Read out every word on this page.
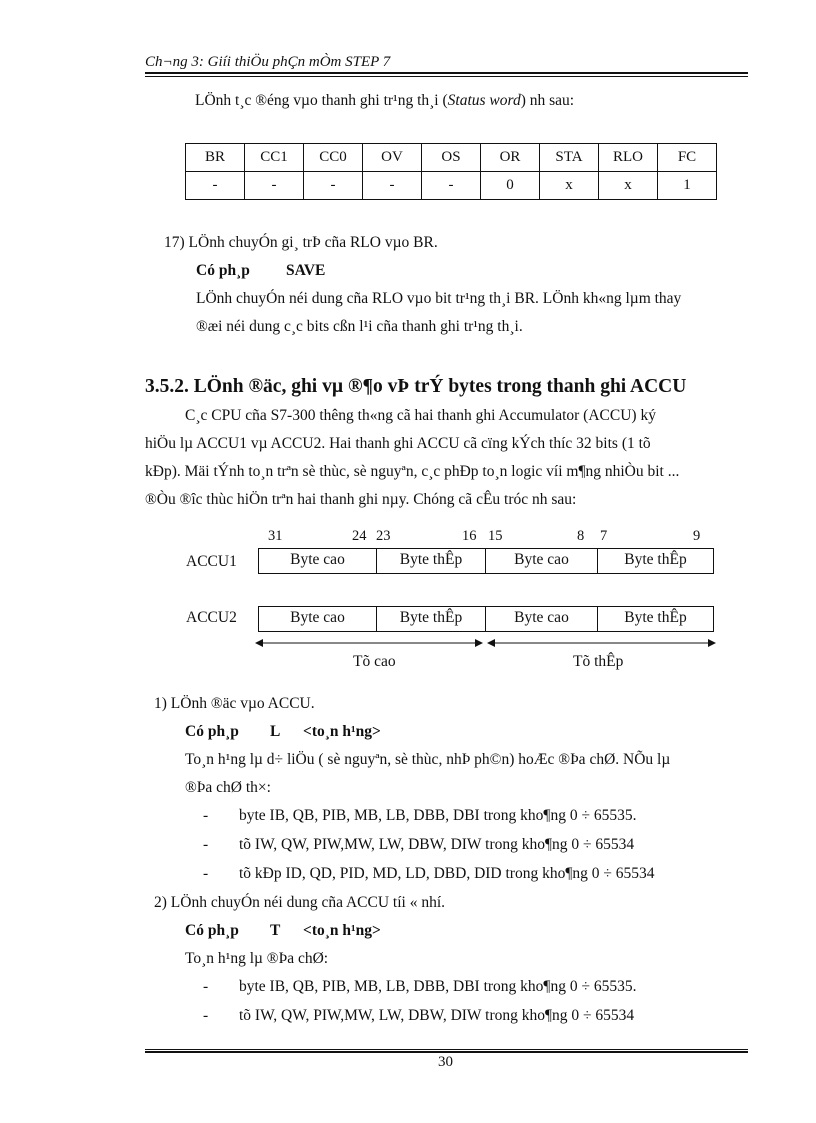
Ch¬ng 3: Giíi thiÖu phÇn mÒm STEP 7
LÖnh t¸c ®éng vµo thanh ghi tr¹ng th¸i (Status word) nh sau:
BR	CC1	CC0	OV	OS	OR	STA	RLO	FC
-	-	-	-	-	0	x	x	1
17) LÖnh chuyÓn gi¸ trÞ cña RLO vµo BR.
Có ph¸p SAVE
LÖnh chuyÓn néi dung cña RLO vµo bit tr¹ng th¸i BR. LÖnh kh«ng lµm thay
®æi néi dung c¸c bits cßn l¹i cña thanh ghi tr¹ng th¸i.
3.5.2. LÖnh ®äc, ghi vµ ®¶o vÞ trÝ bytes trong thanh ghi ACCU
C¸c CPU cña S7-300 thêng th«ng cã hai thanh ghi Accumulator (ACCU) ký
hiÖu lµ ACCU1 vµ ACCU2. Hai thanh ghi ACCU cã cïng kÝch thíc 32 bits (1 tõ
kÐp). Mäi tÝnh to¸n trªn sè thùc, sè nguyªn, c¸c phÐp to¸n logic víi m¶ng nhiÒu bit ...
®Òu ®îc thùc hiÖn trªn hai thanh ghi nµy. Chóng cã cÊu tróc nh sau:
31	24 23	16 15	8 7	9
ACCU1	Byte cao	Byte thÊp	Byte cao	Byte thÊp
ACCU2	Byte cao	Byte thÊp	Byte cao	Byte thÊp
Tõ cao	Tõ thÊp
1) LÖnh ®äc vµo ACCU.
Có ph¸p L <to¸n h¹ng>
To¸n h¹ng lµ d÷ liÖu ( sè nguyªn, sè thùc, nhÞ ph©n) hoÆc ®Þa chØ. NÕu lµ
®Þa chØ th×:
- byte IB, QB, PIB, MB, LB, DBB, DBI trong kho¶ng 0 ÷ 65535.
- tõ IW, QW, PIW,MW, LW, DBW, DIW trong kho¶ng 0 ÷ 65534
- tõ kÐp ID, QD, PID, MD, LD, DBD, DID trong kho¶ng 0 ÷ 65534
2) LÖnh chuyÓn néi dung cña ACCU tíi « nhí.
Có ph¸p T <to¸n h¹ng>
To¸n h¹ng lµ ®Þa chØ:
- byte IB, QB, PIB, MB, LB, DBB, DBI trong kho¶ng 0 ÷ 65535.
- tõ IW, QW, PIW,MW, LW, DBW, DIW trong kho¶ng 0 ÷ 65534
30
